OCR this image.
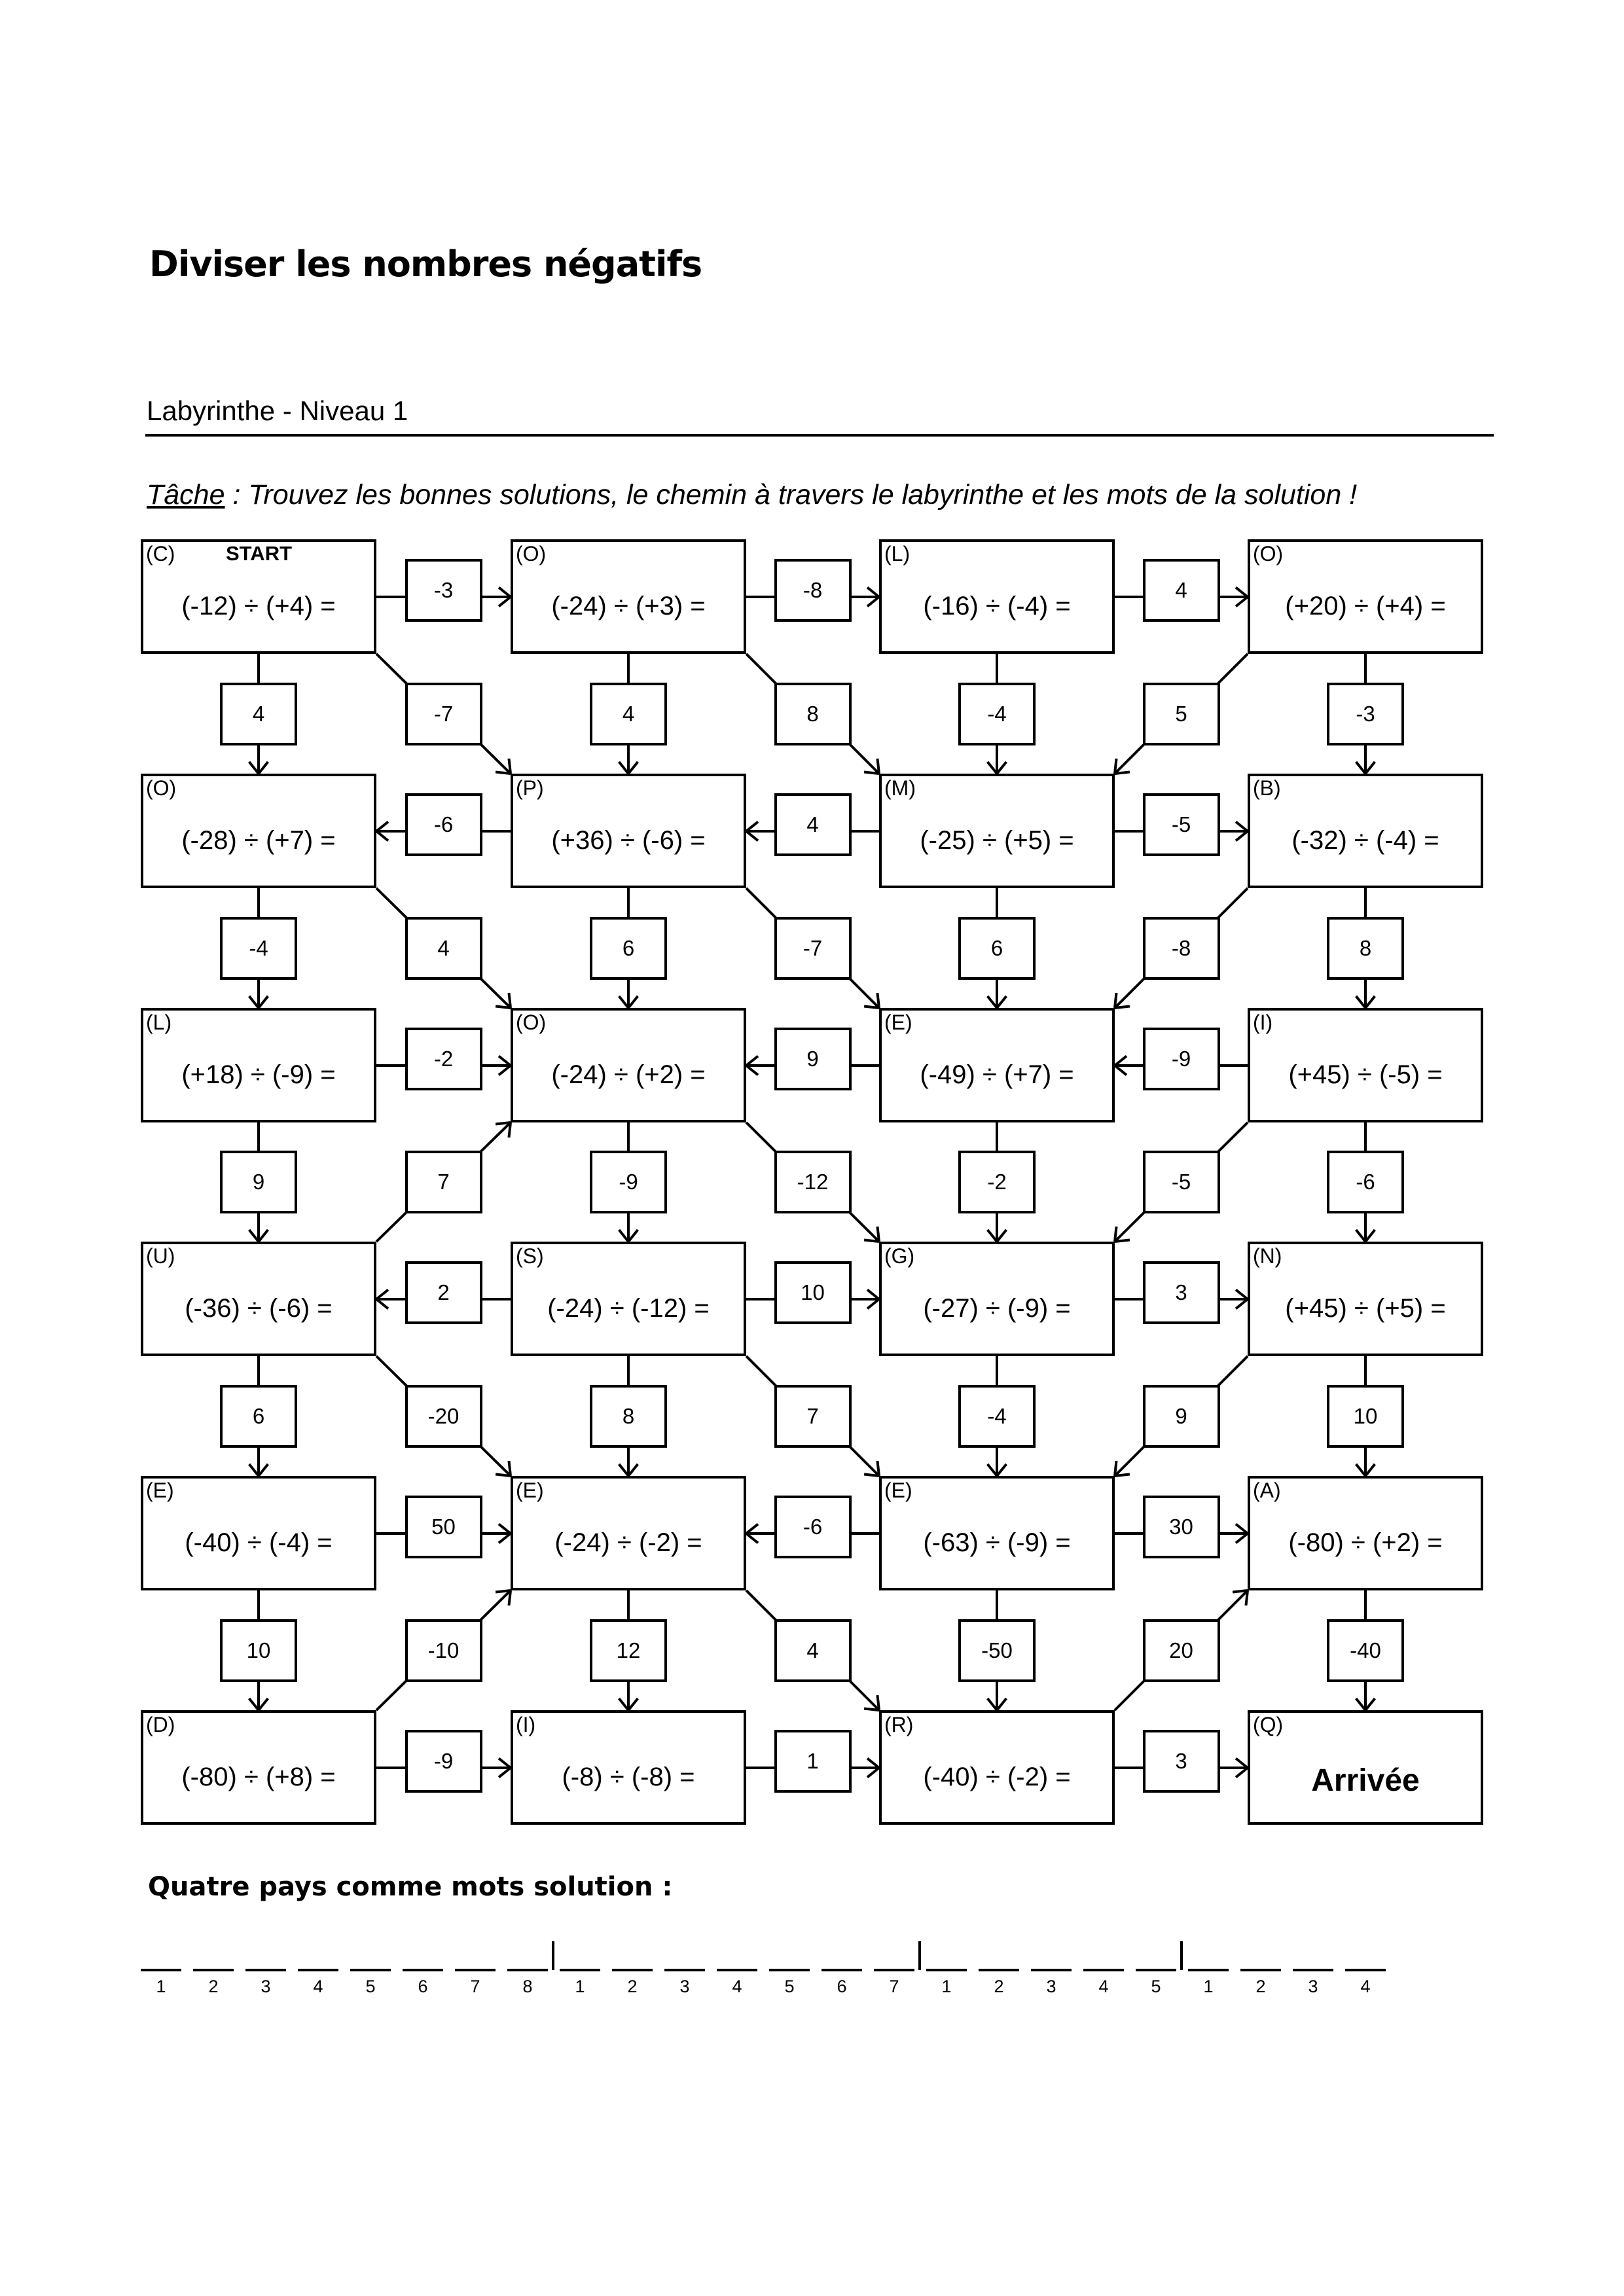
Diviser les nombres négatifs
Labyrinthe - Niveau 1
Tâche : Trouvez les bonnes solutions, le chemin à travers le labyrinthe et les mots de la solution !
(C)	START
(-12) ÷ (+4) =
(O)
(-24) ÷ (+3) =
(L)
(-16) ÷ (-4) =
(O)
(+20) ÷ (+4) =
(O)
(-28) ÷ (+7) =
(P)
(+36) ÷ (-6) =
(M)
(-25) ÷ (+5) =
(B)
(-32) ÷ (-4) =
(L)
(+18) ÷ (-9) =
(O)
(-24) ÷ (+2) =
(E)
(-49) ÷ (+7) =
(I)
(+45) ÷ (-5) =
(U)
(-36) ÷ (-6) =
(S)
(-24) ÷ (-12) =
(G)
(-27) ÷ (-9) =
(N)
(+45) ÷ (+5) =
(E)
(-40) ÷ (-4) =
(E)
(-24) ÷ (-2) =
(E)
(-63) ÷ (-9) =
(A)
(-80) ÷ (+2) =
(D)
(-80) ÷ (+8) =
(I)
(-8) ÷ (-8) =
(R)
(-40) ÷ (-2) =
(Q)
Arrivée
-3	-8	4
-6	4	-5
-2	9	-9
2	10	3
50	-6	30
-9	1	3
4	-7	4	8	-4	5	-3
-4	4	6	-7	6	-8	8
9	7	-9	-12	-2	-5	-6
6	-20	8	7	-4	9	10
10	-10	12	4	-50	20	-40
Quatre pays comme mots solution :
1	2	3	4	5	6	7	8	1	2	3	4	5	6	7	1	2	3	4	5	1	2	3	4
